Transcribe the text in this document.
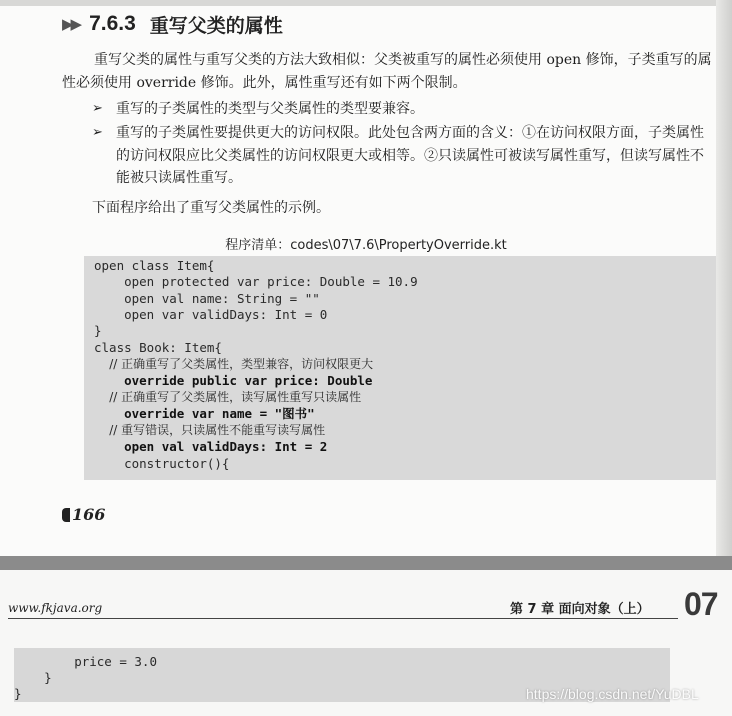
▶▶ 7.6.3 重写父类的属性
重写父类的属性与重写父类的方法大致相似：父类被重写的属性必须使用 open 修饰，子类重写的属性必须使用 override 修饰。此外，属性重写还有如下两个限制。
➢ 重写的子类属性的类型与父类属性的类型要兼容。
➢ 重写的子类属性要提供更大的访问权限。此处包含两方面的含义：①在访问权限方面，子类属性的访问权限应比父类属性的访问权限更大或相等。②只读属性可被读写属性重写，但读写属性不能被只读属性重写。
下面程序给出了重写父类属性的示例。
程序清单：codes\07\7.6\PropertyOverride.kt
open class Item{
open protected var price: Double = 10.9
open val name: String = ""
open var validDays: Int = 0
}
class Book: Item{
// 正确重写了父类属性，类型兼容，访问权限更大
override public var price: Double
// 正确重写了父类属性，读写属性重写只读属性
override var name = "图书"
// 重写错误，只读属性不能重写读写属性
open val validDays: Int = 2
constructor(){
166
www.fkjava.org	第 7 章 面向对象（上） 07
price = 3.0
}
}	https://blog.csdn.net/YuDBL
